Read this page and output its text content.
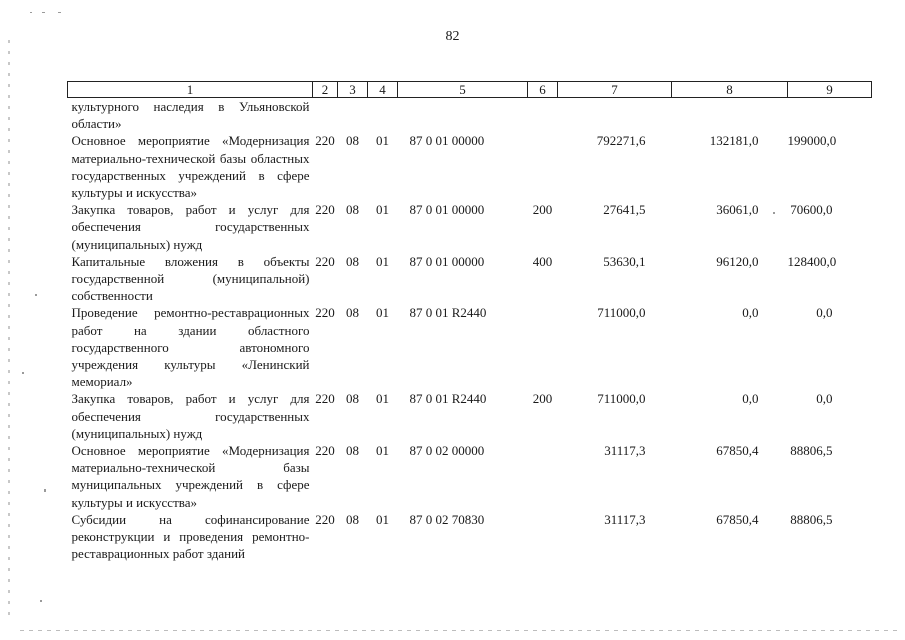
82
1	2	3	4	5	6	7	8	9
культурного наследия в Ульяновской области»								
Основное мероприятие «Модернизация материально-технической базы областных государственных учреждений в сфере культуры и искусства»	220	08	01	87 0 01 00000		792271,6	132181,0	199000,0
Закупка товаров, работ и услуг для обеспечения государственных (муниципальных) нужд	220	08	01	87 0 01 00000	200	27641,5	36061,0	70600,0
Капитальные вложения в объекты государственной (муниципальной) собственности	220	08	01	87 0 01 00000	400	53630,1	96120,0	128400,0
Проведение ремонтно-реставрационных работ на здании областного государственного автономного учреждения культуры «Ленинский мемориал»	220	08	01	87 0 01 R2440		711000,0	0,0	0,0
Закупка товаров, работ и услуг для обеспечения государственных (муниципальных) нужд	220	08	01	87 0 01 R2440	200	711000,0	0,0	0,0
Основное мероприятие «Модернизация материально-технической базы муниципальных учреждений в сфере культуры и искусства»	220	08	01	87 0 02 00000		31117,3	67850,4	88806,5
Субсидии на софинансирование реконструкции и проведения ремонтно-реставрационных работ зданий	220	08	01	87 0 02 70830		31117,3	67850,4	88806,5
